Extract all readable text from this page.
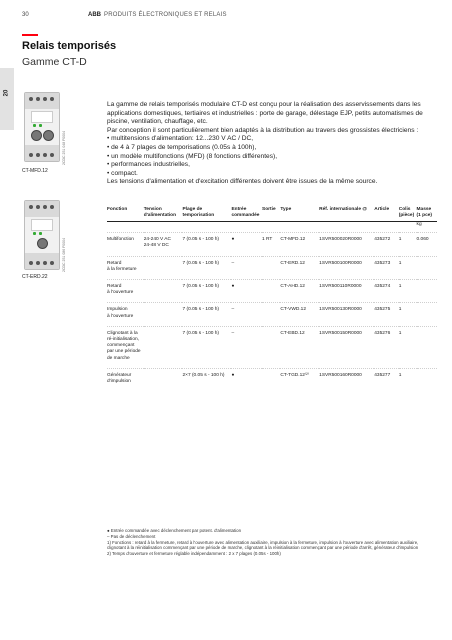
30	ABB PRODUITS ÉLECTRONIQUES ET RELAIS
Relais temporisés
Gamme CT-D
20
2CDC 251 048 F0004
CT-MFD.12
2CDC 251 086 F0004
CT-ERD.22

La gamme de relais temporisés modulaire CT-D est conçu pour la réalisation des asservissements dans les applications domestiques, tertiaires et industrielles : porte de garage, délestage EJP, petits automatismes de piscine, ventilation, chauffage, etc.

Par conception il sont particulièrement bien adaptés à la distribution au travers des grossistes électriciens :

• multitensions d'alimentation: 12...230 V AC / DC,
• de 4 à 7 plages de temporisations (0.05s à 100h),
• un modèle multifonctions (MFD) (8 fonctions différentes),
• performances industrielles,
• compact.

Les tensions d'alimentation et d'excitation différentes doivent être issues de la même source.

Fonction	Tension d'alimentation	Plage de temporisation	Entrée commandée	Sortie	Type	Réf. internationale @	Article	Colis (pièce)	Masse (1 pce)
									kg
Multifonction	24-240 V AC
24-48 V DC	7 (0.05 s - 100 h)	●	1 RT	CT-MFD.12	1SVR500020R0000	435272	1	0.060
Retard
à la fermeture		7 (0.05 s - 100 h)	–		CT-ERD.12	1SVR500100R0000	435273	1	
Retard
à l'ouverture		7 (0.05 s - 100 h)	●		CT-AHD.12	1SVR500110R0000	435274	1	
Impulsion
à l'ouverture		7 (0.05 s - 100 h)	–		CT-VWD.12	1SVR500130R0000	435275	1	
Clignotant à la
ré-initialisation,
commençant
par une période
de marche		7 (0.05 s - 100 h)	–		CT-EBD.12	1SVR500150R0000	435276	1	
Générateur
d'impulsion		2×7 (0.05 s - 100 h)	●		CT-TGD.12⁽²⁾	1SVR500160R0000	435277	1	
● Entrée commandée avec déclenchement par potent. d'alimentation
– Pas de déclenchement
1) Fonctions : retard à la fermeture, retard à l'ouverture avec alimentation auxiliaire, impulsion à la fermeture, impulsion à l'ouverture avec alimentation auxiliaire, clignotant à la réinitialisation commençant par une période de marche, clignotant à la réinitialisation commençant par une période d'arrêt, générateur d'impulsion
2) Temps d'ouverture et fermeture réglable indépendamment : 2 x 7 plages (0.05s - 100h)
